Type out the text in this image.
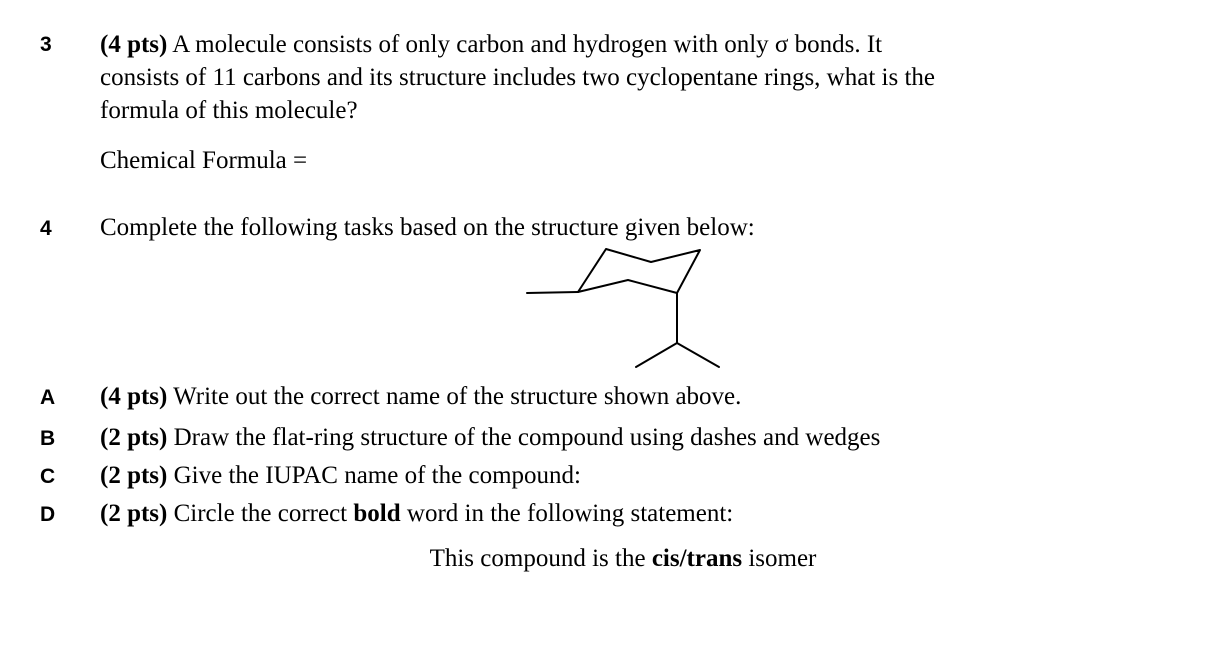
3 (4 pts) A molecule consists of only carbon and hydrogen with only σ bonds. It
consists of 11 carbons and its structure includes two cyclopentane rings, what is the
formula of this molecule?
Chemical Formula =
4 Complete the following tasks based on the structure given below:
A (4 pts) Write out the correct name of the structure shown above.
B (2 pts) Draw the flat-ring structure of the compound using dashes and wedges
C (2 pts) Give the IUPAC name of the compound:
D (2 pts) Circle the correct bold word in the following statement:
This compound is the cis/trans isomer
